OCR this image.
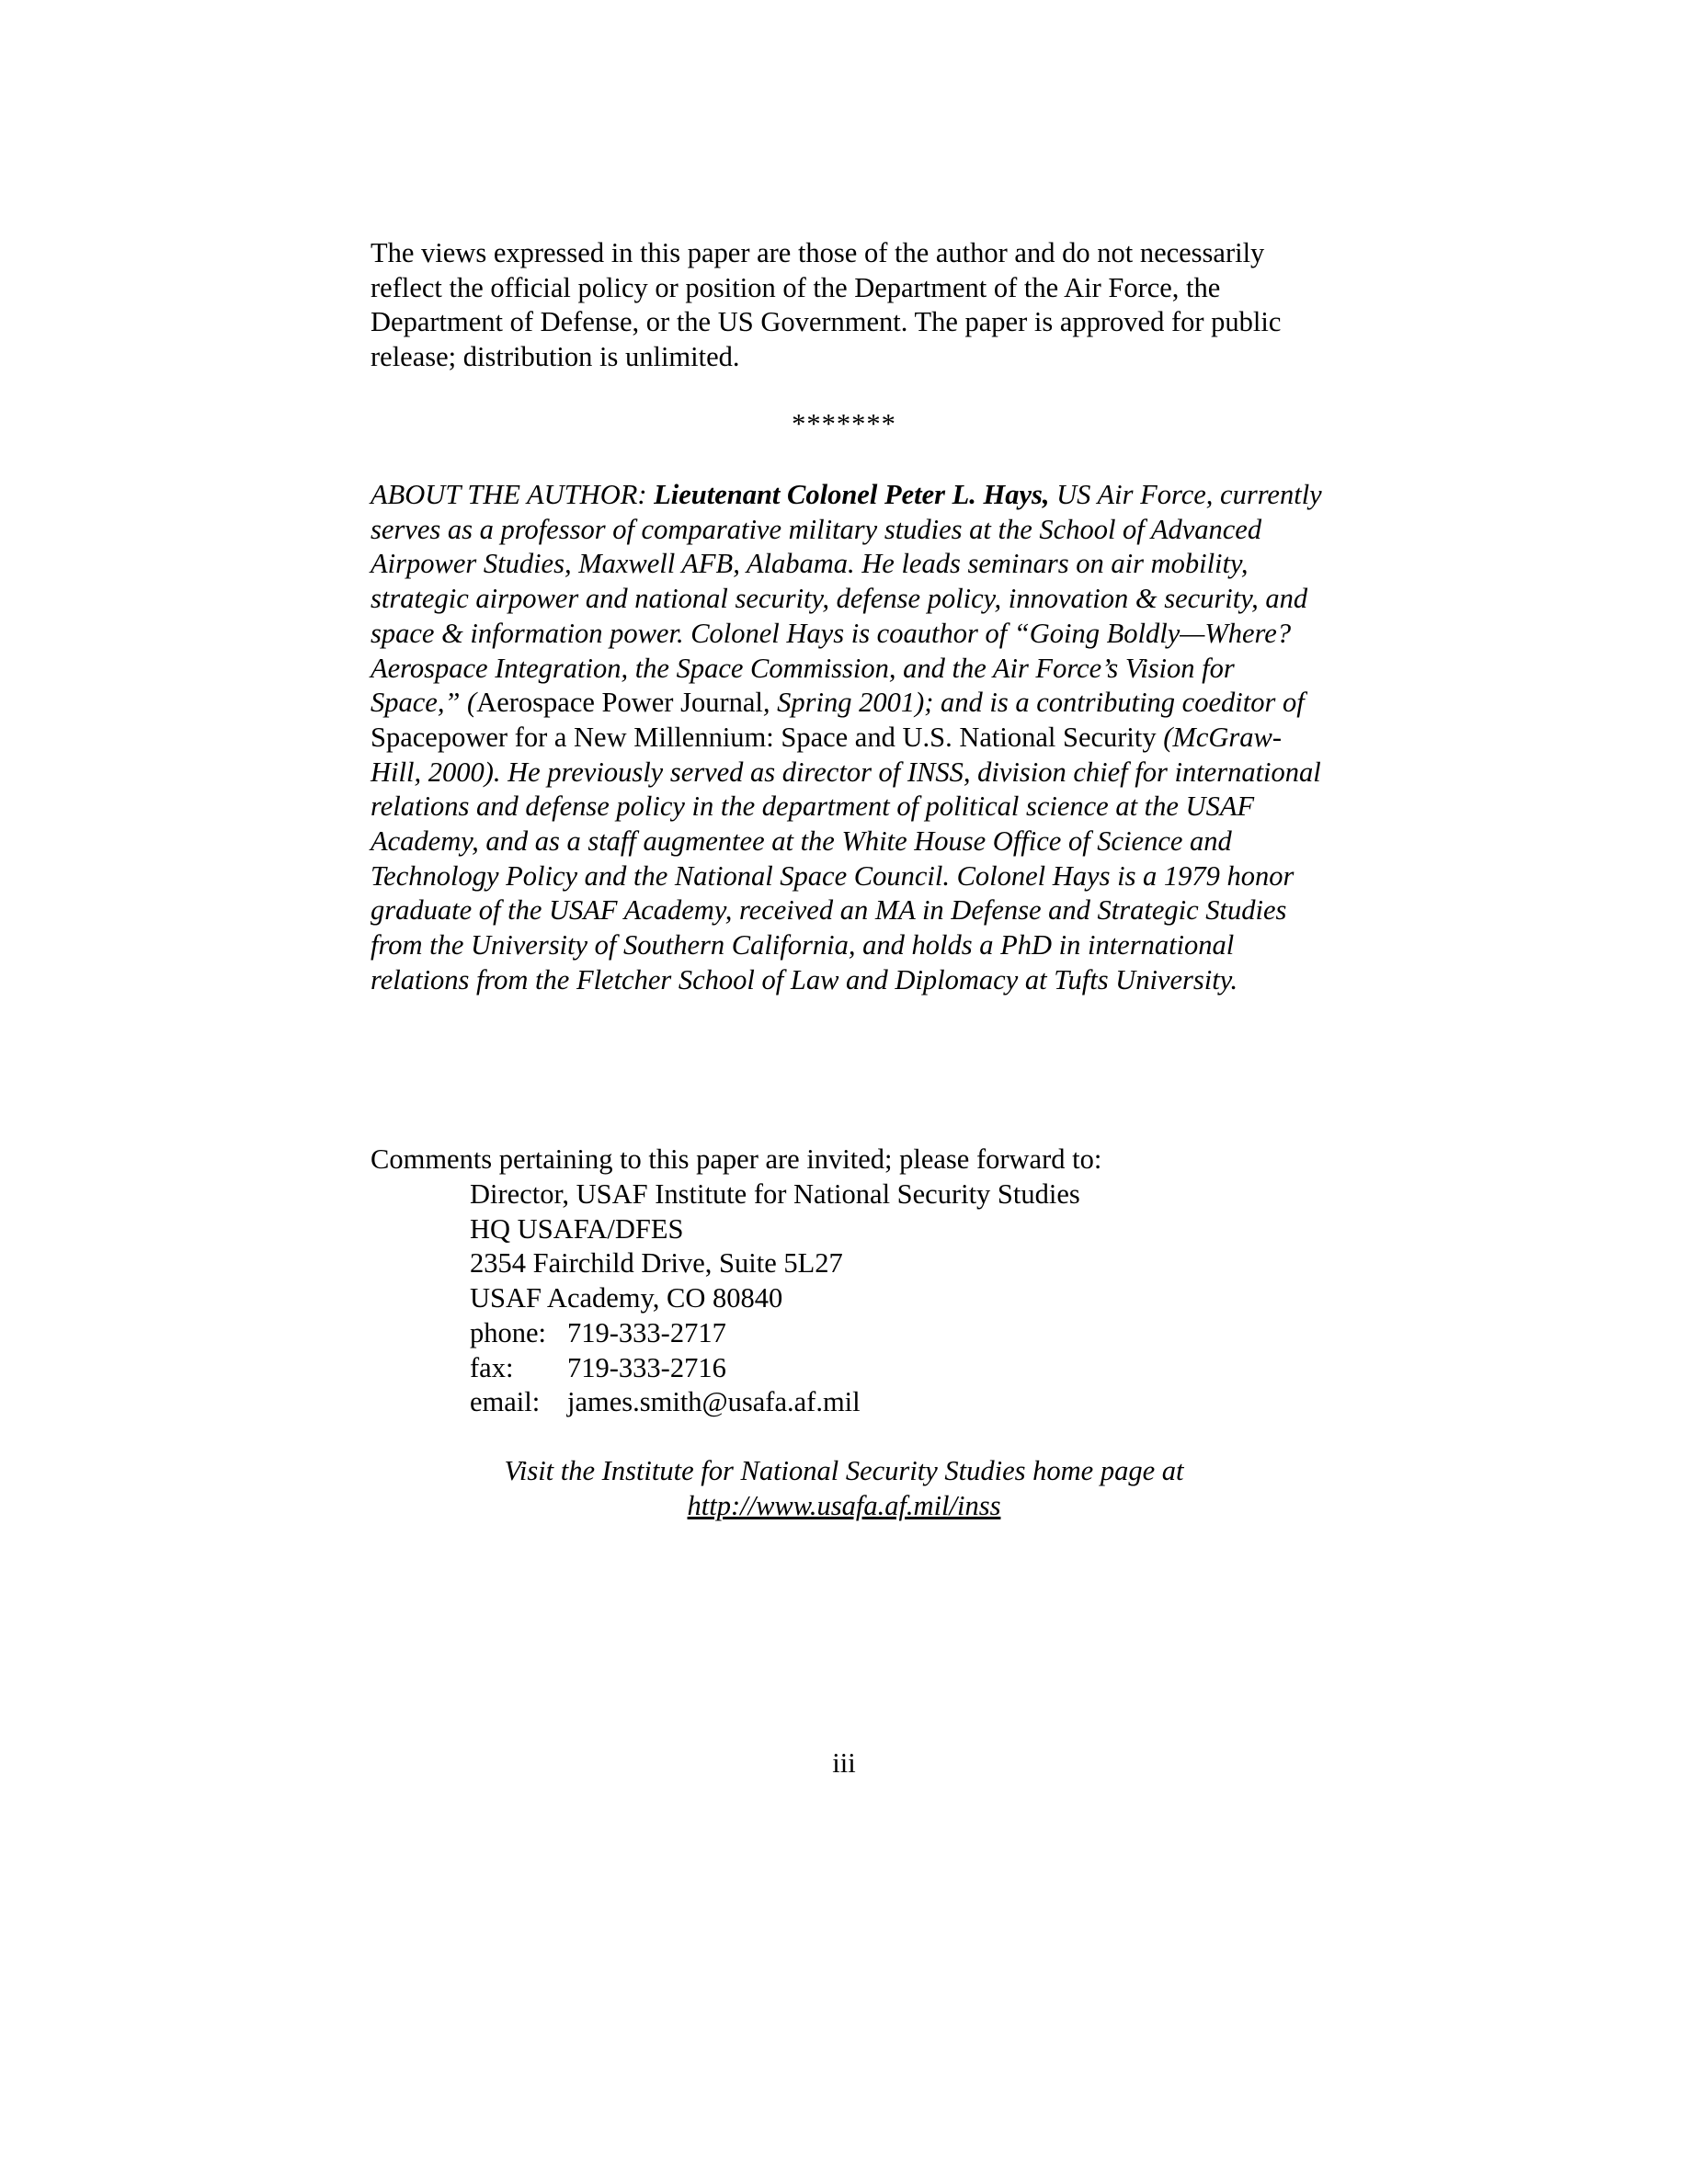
The views expressed in this paper are those of the author and do not necessarily reflect the official policy or position of the Department of the Air Force, the Department of Defense, or the US Government. The paper is approved for public release; distribution is unlimited.

*******

ABOUT THE AUTHOR: Lieutenant Colonel Peter L. Hays, US Air Force, currently serves as a professor of comparative military studies at the School of Advanced Airpower Studies, Maxwell AFB, Alabama. He leads seminars on air mobility, strategic airpower and national security, defense policy, innovation & security, and space & information power. Colonel Hays is coauthor of “Going Boldly—Where? Aerospace Integration, the Space Commission, and the Air Force’s Vision for Space,” (Aerospace Power Journal, Spring 2001); and is a contributing coeditor of Spacepower for a New Millennium: Space and U.S. National Security (McGraw-Hill, 2000). He previously served as director of INSS, division chief for international relations and defense policy in the department of political science at the USAF Academy, and as a staff augmentee at the White House Office of Science and Technology Policy and the National Space Council. Colonel Hays is a 1979 honor graduate of the USAF Academy, received an MA in Defense and Strategic Studies from the University of Southern California, and holds a PhD in international relations from the Fletcher School of Law and Diplomacy at Tufts University.

Comments pertaining to this paper are invited; please forward to:

Director, USAF Institute for National Security Studies
HQ USAFA/DFES
2354 Fairchild Drive, Suite 5L27
USAF Academy, CO 80840
phone: 719-333-2717
fax: 719-333-2716
email: james.smith@usafa.af.mil
Visit the Institute for National Security Studies home page at
http://www.usafa.af.mil/inss
iii
